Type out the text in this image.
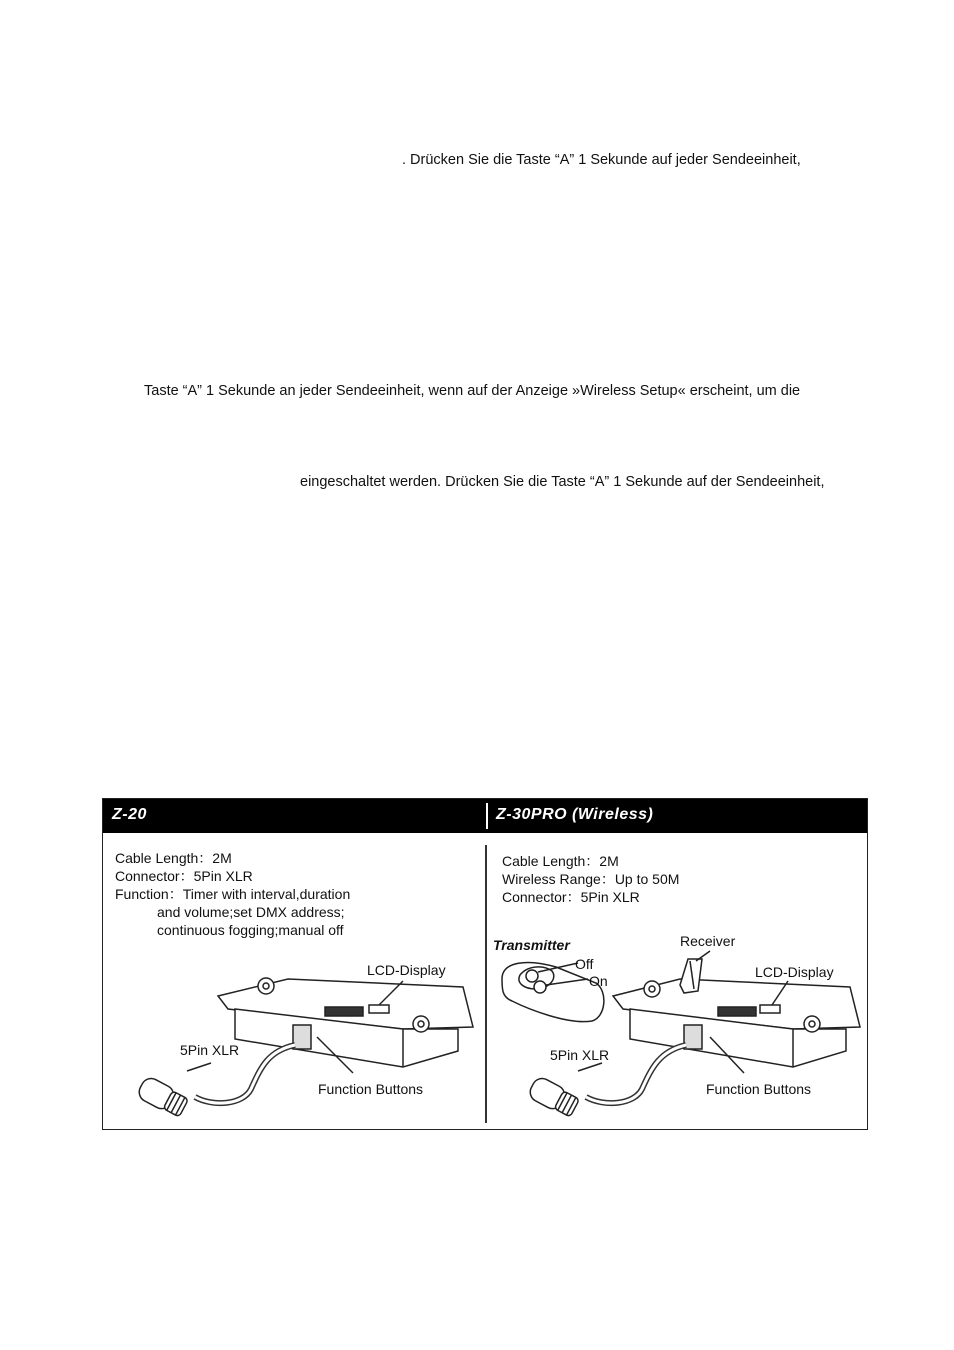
. Drücken Sie die Taste “A” 1 Sekunde auf jeder Sendeeinheit,
Taste “A” 1 Sekunde an jeder Sendeeinheit, wenn auf der Anzeige »Wireless Setup« erscheint, um die
eingeschaltet werden. Drücken Sie die Taste “A” 1 Sekunde auf der Sendeeinheit,
Z-20	Z-30PRO (Wireless)
Cable Length：2M
Connector：5Pin XLR
Function：Timer with interval,duration
and volume;set DMX address;
continuous fogging;manual off
Cable Length：2M
Wireless Range：Up to 50M
Connector：5Pin XLR
LCD-Display
5Pin XLR
Function Buttons
Transmitter
Off
On
Receiver
LCD-Display
5Pin XLR
Function Buttons
